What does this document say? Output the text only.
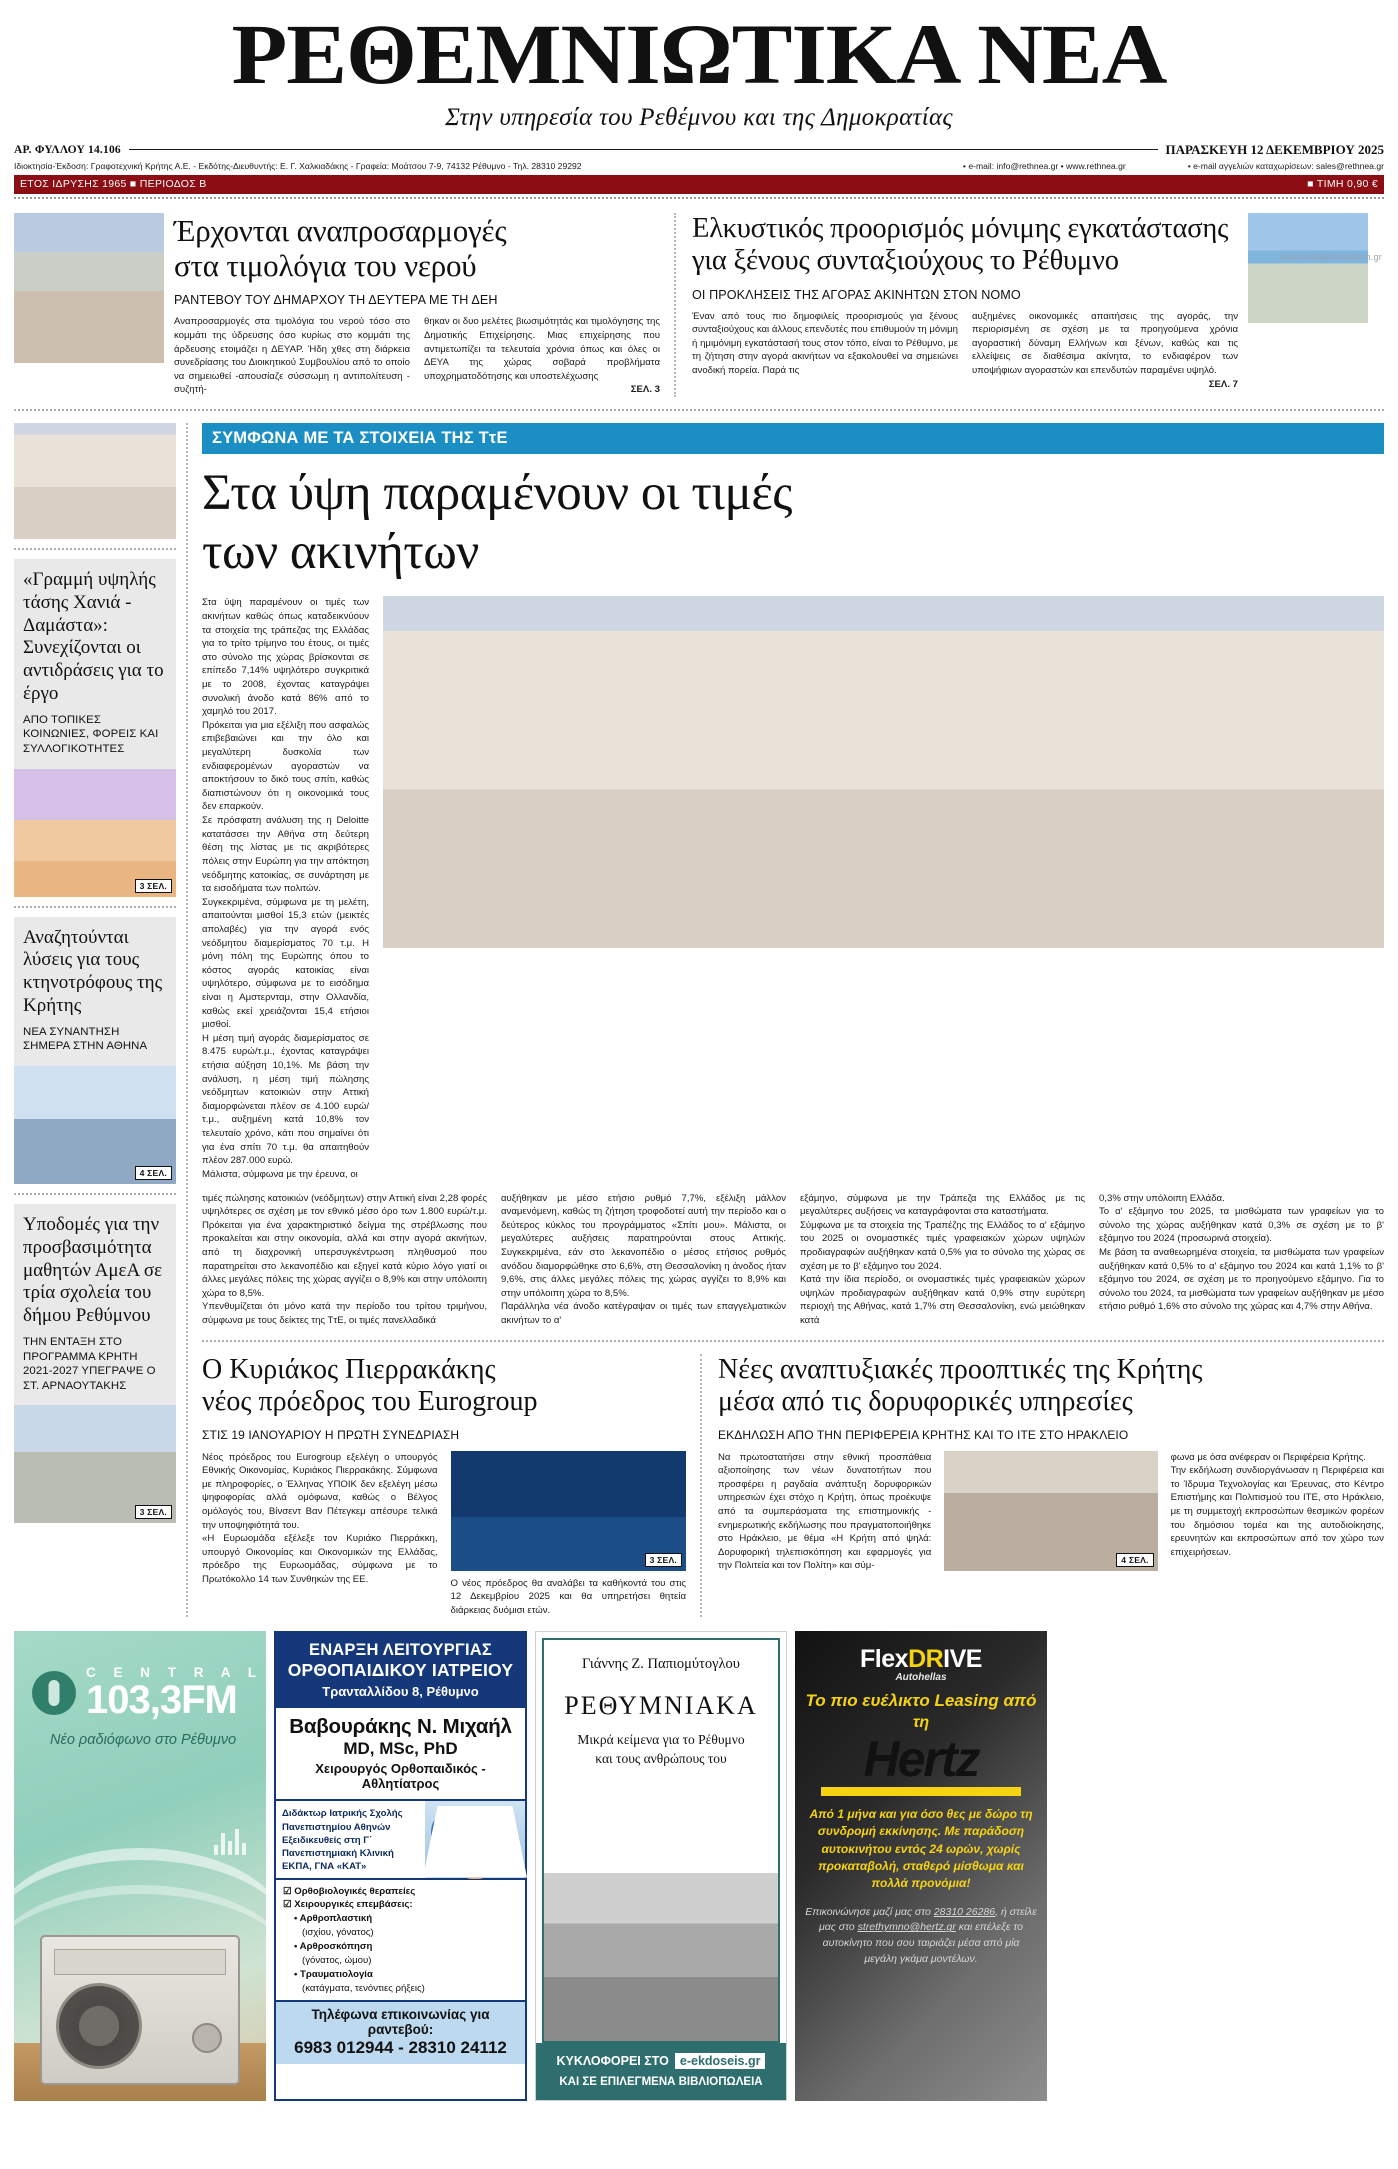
ΡΕΘΕΜΝΙΩΤΙΚΑ ΝΕΑ
Στην υπηρεσία του Ρεθέμνου και της Δημοκρατίας
ΑΡ. ΦΥΛΛΟΥ 14.106	ΠΑΡΑΣΚΕΥΗ 12 ΔΕΚΕΜΒΡΙΟΥ 2025
Ιδιοκτησία-Έκδοση: Γραφοτεχνική Κρήτης Α.Ε. - Εκδότης-Διευθυντής: Ε. Γ. Χαλκιαδάκης - Γραφεία: Μοάτσου 7-9, 74132 Ρέθυμνο - Τηλ. 28310 29292	• e-mail: info@rethnea.gr • www.rethnea.gr	• e-mail αγγελιών καταχωρίσεων: sales@rethnea.gr
ΕΤΟΣ ΙΔΡΥΣΗΣ 1965 ■ ΠΕΡΙΟΔΟΣ Β	■ ΤΙΜΗ 0,90 €
protoselidaefimeridon.gr
Έρχονται αναπροσαρμογές
στα τιμολόγια του νερού
ΡΑΝΤΕΒΟΥ ΤΟΥ ΔΗΜΑΡΧΟΥ ΤΗ ΔΕΥΤΕΡΑ ΜΕ ΤΗ ΔΕΗ

Αναπροσαρμογές στα τιμολόγια του νερού τόσο στο κομμάτι της ύδρευσης όσο κυρίως στο κομμάτι της άρδευσης ετοιμάζει η ΔΕΥΑΡ. Ήδη χθες στη διάρκεια συνεδρίασης του Διοικητικού Συμβουλίου από το οποίο να σημειωθεί -απουσίαζε σύσσωμη η αντιπολίτευση - συζητή-

θηκαν οι δυο μελέτες βιωσιμότητάς και τιμολόγησης της Δημοτικής Επιχείρησης. Μιας επιχείρησης που αντιμετωπίζει τα τελευταία χρόνια όπως και όλες οι ΔΕΥΑ της χώρας σοβαρά προβλήματα υποχρηματοδότησης και υποστελέχωσης

ΣΕΛ. 3

Ελκυστικός προορισμός μόνιμης εγκατάστασης
για ξένους συνταξιούχους το Ρέθυμνο
ΟΙ ΠΡΟΚΛΗΣΕΙΣ ΤΗΣ ΑΓΟΡΑΣ ΑΚΙΝΗΤΩΝ ΣΤΟΝ ΝΟΜΟ

Έναν από τους πιο δημοφιλείς προορισμούς για ξένους συνταξιούχους και άλλους επενδυτές που επιθυμούν τη μόνιμη ή ημιμόνιμη εγκατάστασή τους στον τόπο, είναι το Ρέθυμνο, με τη ζήτηση στην αγορά ακινήτων να εξακολουθεί να σημειώνει ανοδική πορεία. Παρά τις

αυξημένες οικονομικές απαιτήσεις της αγοράς, την περιορισμένη σε σχέση με τα προηγούμενα χρόνια αγοραστική δύναμη Ελλήνων και ξένων, καθώς και τις ελλείψεις σε διαθέσιμα ακίνητα, το ενδιαφέρον των υποψήφιων αγοραστών και επενδυτών παραμένει υψηλό.

ΣΕΛ. 7

«Γραμμή υψηλής τάσης Χανιά - Δαμάστα»: Συνεχίζονται οι αντιδράσεις για το έργο
ΑΠΟ ΤΟΠΙΚΕΣ ΚΟΙΝΩΝΙΕΣ, ΦΟΡΕΙΣ ΚΑΙ ΣΥΛΛΟΓΙΚΟΤΗΤΕΣ
3 ΣΕΛ.
Αναζητούνται λύσεις για τους κτηνοτρόφους της Κρήτης
ΝΕΑ ΣΥΝΑΝΤΗΣΗ ΣΗΜΕΡΑ ΣΤΗΝ ΑΘΗΝΑ
4 ΣΕΛ.
Υποδομές για την προσβασιμότητα μαθητών ΑμεΑ σε τρία σχολεία του δήμου Ρεθύμνου
ΤΗΝ ΕΝΤΑΞΗ ΣΤΟ ΠΡΟΓΡΑΜΜΑ ΚΡΗΤΗ 2021-2027 ΥΠΕΓΡΑΨΕ Ο ΣΤ. ΑΡΝΑΟΥΤΑΚΗΣ
3 ΣΕΛ.
ΣΥΜΦΩΝΑ ΜΕ ΤΑ ΣΤΟΙΧΕΙΑ ΤΗΣ ΤτΕ
Στα ύψη παραμένουν οι τιμές
των ακινήτων

Στα ύψη παραμένουν οι τιμές των ακινήτων καθώς όπως καταδεικνύουν τα στοιχεία της τράπεζας της Ελλάδας για το τρίτο τρίμηνο του έτους, οι τιμές στο σύνολο της χώρας βρίσκονται σε επίπεδο 7,14% υψηλότερο συγκριτικά με το 2008, έχοντας καταγράψει συνολική άνοδο κατά 86% από το χαμηλό του 2017.

Πρόκειται για μια εξέλιξη που ασφαλώς επιβεβαιώνει και την όλο και μεγαλύτερη δυσκολία των ενδιαφερομένων αγοραστών να αποκτήσουν το δικό τους σπίτι, καθώς διαπιστώνουν ότι η οικονομικά τους δεν επαρκούν.

Σε πρόσφατη ανάλυση της η Deloitte κατατάσσει την Αθήνα στη δεύτερη θέση της λίστας με τις ακριβότερες πόλεις στην Ευρώπη για την απόκτηση νεόδμητης κατοικίας, σε συνάρτηση με τα εισοδήματα των πολιτών.

Συγκεκριμένα, σύμφωνα με τη μελέτη, απαιτούνται μισθοί 15,3 ετών (μεικτές απολαβές) για την αγορά ενός νεόδμητου διαμερίσματος 70 τ.μ. Η μόνη πόλη της Ευρώπης όπου το κόστος αγοράς κατοικίας είναι υψηλότερο, σύμφωνα με το εισόδημα είναι η Αμστερνταμ, στην Ολλανδία, καθώς εκεί χρειάζονται 15,4 ετήσιοι μισθοί.

Η μέση τιμή αγοράς διαμερίσματος σε 8.475 ευρώ/τ.μ., έχοντας καταγράψει ετήσια αύξηση 10,1%. Με βάση την ανάλυση, η μέση τιμή πώλησης νεόδμητων κατοικιών στην Αττική διαμορφώνεται πλέον σε 4.100 ευρώ/τ.μ., αυξημένη κατά 10,8% τον τελευταίο χρόνο, κάτι που σημαίνει ότι για ένα σπίτι 70 τ.μ. θα απαιτηθούν πλέον 287.000 ευρώ.

Μάλιστα, σύμφωνα με την έρευνα, οι

τιμές πώλησης κατοικιών (νεόδμητων) στην Αττική είναι 2,28 φορές υψηλότερες σε σχέση με τον εθνικό μέσο όρο των 1.800 ευρώ/τ.μ. Πρόκειται για ένα χαρακτηριστικό δείγμα της στρέβλωσης που προκαλείται και στην οικονομία, αλλά και στην αγορά ακινήτων, από τη διαχρονική υπερσυγκέντρωση πληθυσμού που παρατηρείται στο λεκανοπέδιο και εξηγεί κατά κύριο λόγο γιατί οι άλλες μεγάλες πόλεις της χώρας αγγίζει ο 8,9% και στην υπόλοιπη χώρα το 8,5%.

Υπενθυμίζεται ότι μόνο κατά την περίοδο του τρίτου τριμήνου, σύμφωνα με τους δείκτες της ΤτΕ, οι τιμές πανελλαδικά

αυξήθηκαν με μέσο ετήσιο ρυθμό 7,7%, εξέλιξη μάλλον αναμενόμενη, καθώς τη ζήτηση τροφοδοτεί αυτή την περίοδο και ο δεύτερος κύκλος του προγράμματος «Σπίτι μου». Μάλιστα, οι μεγαλύτερες αυξήσεις παρατηρούνται στους Αττικής. Συγκεκριμένα, εάν στο λεκανοπέδιο ο μέσος ετήσιος ρυθμός ανόδου διαμορφώθηκε στο 6,6%, στη Θεσσαλονίκη η άνοδος ήταν 9,6%, στις άλλες μεγάλες πόλεις της χώρας αγγίζει το 8,9% και στην υπόλοιπη χώρα το 8,5%.

Παράλληλα νέα άνοδο κατέγραψαν οι τιμές των επαγγελματικών ακινήτων το α'

εξάμηνο, σύμφωνα με την Τράπεζα της Ελλάδος με τις μεγαλύτερες αυξήσεις να καταγράφονται στα καταστήματα.

Σύμφωνα με τα στοιχεία της Τραπέζης της Ελλάδος το α' εξάμηνο του 2025 οι ονομαστικές τιμές γραφειακών χώρων υψηλών προδιαγραφών αυξήθηκαν κατά 0,5% για το σύνολο της χώρας σε σχέση με το β' εξάμηνο του 2024.

Κατά την ίδια περίοδο, οι ονομαστικές τιμές γραφειακών χώρων υψηλών προδιαγραφών αυξήθηκαν κατά 0,9% στην ευρύτερη περιοχή της Αθήνας, κατά 1,7% στη Θεσσαλονίκη, ενώ μειώθηκαν κατά

0,3% στην υπόλοιπη Ελλάδα.

Το α' εξάμηνο του 2025, τα μισθώματα των γραφείων για το σύνολο της χώρας αυξήθηκαν κατά 0,3% σε σχέση με το β' εξάμηνο του 2024 (προσωρινά στοιχεία).

Με βάση τα αναθεωρημένα στοιχεία, τα μισθώματα των γραφείων αυξήθηκαν κατά 0,5% το α' εξάμηνο του 2024 και κατά 1,1% το β' εξάμηνο του 2024, σε σχέση με το προηγούμενο εξάμηνο. Για το σύνολο του 2024, τα μισθώματα των γραφείων αυξήθηκαν με μέσο ετήσιο ρυθμό 1,6% στο σύνολο της χώρας και 4,7% στην Αθήνα.

Ο Κυριάκος Πιερρακάκης
νέος πρόεδρος του Eurogroup
ΣΤΙΣ 19 ΙΑΝΟΥΑΡΙΟΥ Η ΠΡΩΤΗ ΣΥΝΕΔΡΙΑΣΗ

Νέος πρόεδρος του Eurogroup εξελέγη ο υπουργός Εθνικής Οικονομίας, Κυριάκος Πιερρακάκης. Σύμφωνα με πληροφορίες, ο Έλληνας ΥΠΟΙΚ δεν εξελέγη μέσω ψηφοφορίας αλλά ομόφωνα, καθώς ο Βέλγος ομόλογός του, Βίνσεντ Βαν Πέτεγκεμ απέσυρε τελικά την υποψηφιότητά του.

«Η Ευρωομάδα εξέλεξε τον Κυριάκο Πιερράκκη, υπουργό Οικονομίας και Οικονομικών της Ελλάδας, πρόεδρο της Ευρωομάδας, σύμφωνα με το Πρωτόκολλο 14 των Συνθηκών της ΕΕ.

3 ΣΕΛ.

Ο νέος πρόεδρος θα αναλάβει τα καθήκοντά του στις 12 Δεκεμβρίου 2025 και θα υπηρετήσει θητεία διάρκειας δυόμισι ετών.

Νέες αναπτυξιακές προοπτικές της Κρήτης
μέσα από τις δορυφορικές υπηρεσίες
ΕΚΔΗΛΩΣΗ ΑΠΟ ΤΗΝ ΠΕΡΙΦΕΡΕΙΑ ΚΡΗΤΗΣ ΚΑΙ ΤΟ ΙΤΕ ΣΤΟ ΗΡΑΚΛΕΙΟ

Να πρωτοστατήσει στην εθνική προσπάθεια αξιοποίησης των νέων δυνατοτήτων που προσφέρει η ραγδαία ανάπτυξη δορυφορικών υπηρεσιών έχει στόχο η Κρήτη, όπως προέκυψε από τα συμπεράσματα της επιστημονικής - ενημερωτικής εκδήλωσης που πραγματοποιήθηκε στο Ηράκλειο, με θέμα «Η Κρήτη από ψηλά: Δορυφορική τηλεπισκόπηση και εφαρμογές για την Πολιτεία και τον Πολίτη» και σύμ-

4 ΣΕΛ.

φωνα με όσα ανέφεραν οι Περιφέρεια Κρήτης.

Την εκδήλωση συνδιοργάνωσαν η Περιφέρεια και το Ίδρυμα Τεχνολογίας και Έρευνας, στο Κέντρο Επιστήμης και Πολιτισμού του ΙΤΕ, στο Ηράκλειο, με τη συμμετοχή εκπροσώπων θεσμικών φορέων του δημόσιου τομέα και της αυτοδιοίκησης, ερευνητών και εκπροσώπων από τον χώρο των επιχειρήσεων.

C E N T R A L
103,3FM
Νέο ραδιόφωνο στο Ρέθυμνο
ΕΝΑΡΞΗ ΛΕΙΤΟΥΡΓΙΑΣ
ΟΡΘΟΠΑΙΔΙΚΟΥ ΙΑΤΡΕΙΟΥ
Τρανταλλίδου 8, Ρέθυμνο
Βαβουράκης Ν. Μιχαήλ
MD, MSc, PhD
Χειρουργός Ορθοπαιδικός - Αθλητίατρος
Διδάκτωρ Ιατρικής Σχολής Πανεπιστημίου Αθηνών Εξειδικευθείς στη Γ΄ Πανεπιστημιακή Κλινική ΕΚΠΑ, ΓΝΑ «ΚΑΤ»
☑ Ορθοβιολογικές θεραπείες
☑ Χειρουργικές επεμβάσεις:
• Αρθροπλαστική
(ισχίου, γόνατος)
• Αρθροσκόπηση
(γόνατος, ώμου)
• Τραυματιολογία
(κατάγματα, τενόντιες ρήξεις)
Τηλέφωνα επικοινωνίας για ραντεβού:
6983 012944 - 28310 24112
Γιάννης Ζ. Παπιομύτογλου
ΡΕΘΥΜΝΙΑΚΑ
Μικρά κείμενα για το Ρέθυμνο
και τους ανθρώπους του
ΚΥΚΛΟΦΟΡΕΙ ΣΤΟ e-ekdoseis.gr
ΚΑΙ ΣΕ ΕΠΙΛΕΓΜΕΝΑ ΒΙΒΛΙΟΠΩΛΕΙΑ
FlexDRIVE
Autohellas
Το πιο ευέλικτο Leasing από
τη
Hertz
Από 1 μήνα και για όσο θες με δώρο τη συνδρομή εκκίνησης. Με παράδοση αυτοκινήτου εντός 24 ωρών, χωρίς προκαταβολή, σταθερό μίσθωμα και πολλά προνόμια!
Επικοινώνησε μαζί μας στο 28310 26286, ή στείλε μας στο strethymno@hertz.gr και επέλεξε το αυτοκίνητο που σου ταιριάζει μέσα από μία μεγάλη γκάμα μοντέλων.
